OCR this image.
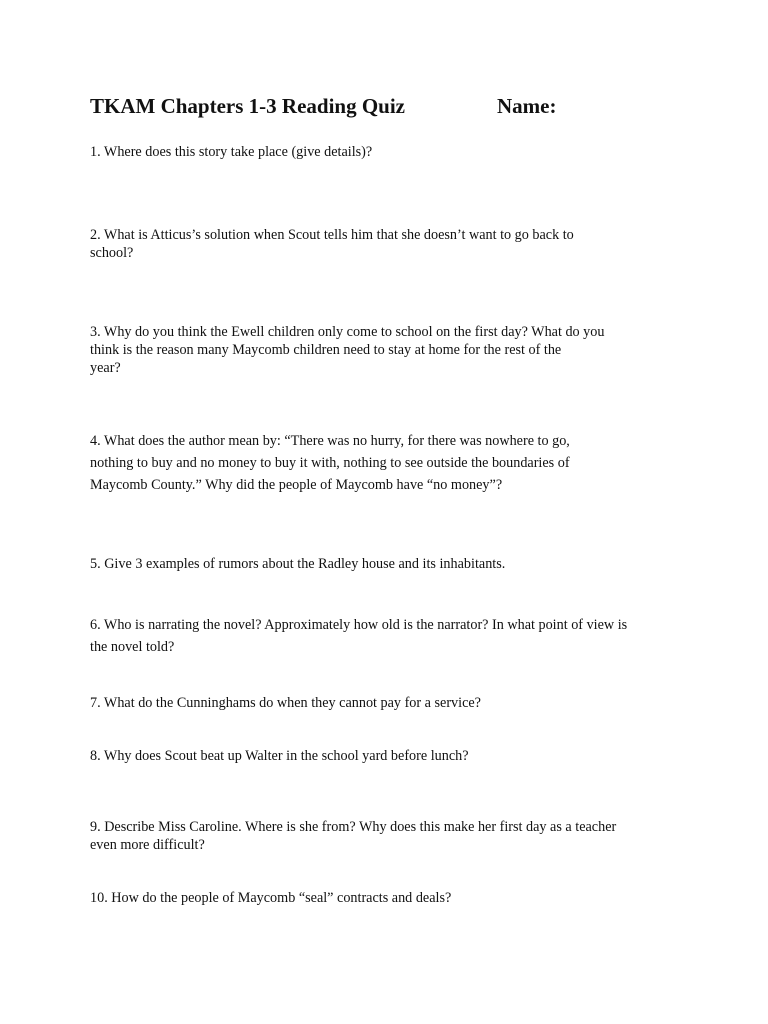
TKAM Chapters 1-3 Reading Quiz	Name:
1. Where does this story take place (give details)?
2. What is Atticus’s solution when Scout tells him that she doesn’t want to go back to
school?
3. Why do you think the Ewell children only come to school on the first day? What do you
think is the reason many Maycomb children need to stay at home for the rest of the
year?
4. What does the author mean by: “There was no hurry, for there was nowhere to go,
nothing to buy and no money to buy it with, nothing to see outside the boundaries of
Maycomb County.” Why did the people of Maycomb have “no money”?
5. Give 3 examples of rumors about the Radley house and its inhabitants.
6. Who is narrating the novel? Approximately how old is the narrator? In what point of view is
the novel told?
7. What do the Cunninghams do when they cannot pay for a service?
8. Why does Scout beat up Walter in the school yard before lunch?
9. Describe Miss Caroline. Where is she from? Why does this make her first day as a teacher
even more difficult?
10. How do the people of Maycomb “seal” contracts and deals?
